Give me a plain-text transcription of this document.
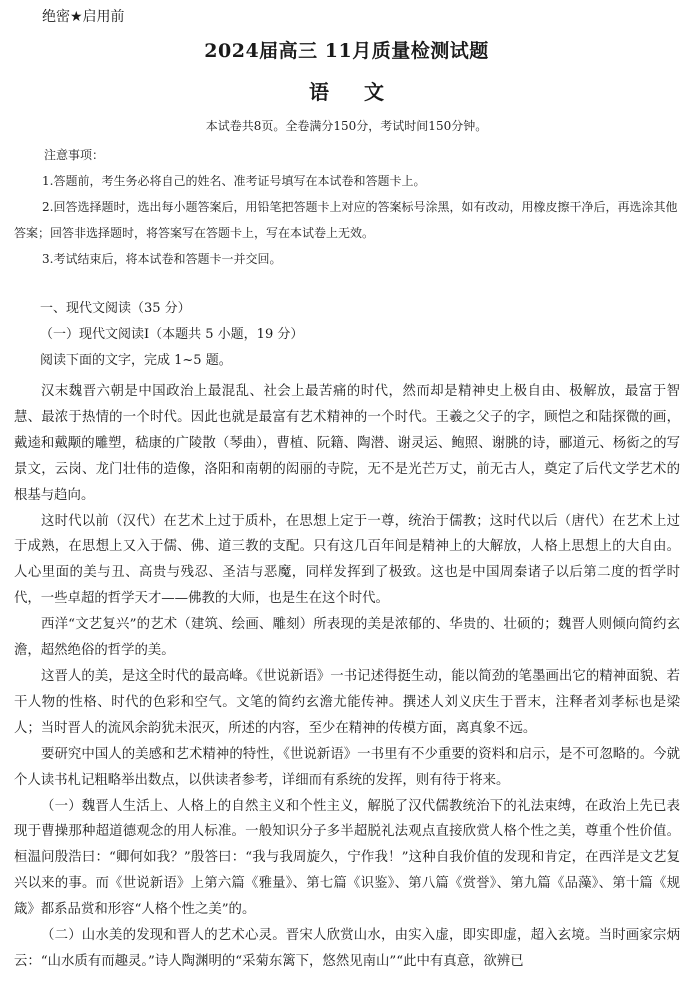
绝密★启用前
2024届高三 11月质量检测试题
语 文
本试卷共8页。全卷满分150分，考试时间150分钟。
注意事项：
1.答题前，考生务必将自己的姓名、准考证号填写在本试卷和答题卡上。
2.回答选择题时，选出每小题答案后，用铅笔把答题卡上对应的答案标号涂黑，如有改动，用橡皮擦干净后，再选涂其他答案；回答非选择题时，将答案写在答题卡上，写在本试卷上无效。
3.考试结束后，将本试卷和答题卡一并交回。
一、现代文阅读（35 分）
（一）现代文阅读Ⅰ（本题共 5 小题，19 分）
阅读下面的文字，完成 1~5 题。

汉末魏晋六朝是中国政治上最混乱、社会上最苦痛的时代，然而却是精神史上极自由、极解放，最富于智慧、最浓于热情的一个时代。因此也就是最富有艺术精神的一个时代。王羲之父子的字，顾恺之和陆探微的画，戴逵和戴颙的雕塑，嵇康的广陵散（琴曲），曹植、阮籍、陶潜、谢灵运、鲍照、谢朓的诗，郦道元、杨衒之的写景文，云岗、龙门壮伟的造像，洛阳和南朝的闳丽的寺院，无不是光芒万丈，前无古人，奠定了后代文学艺术的根基与趋向。

这时代以前（汉代）在艺术上过于质朴，在思想上定于一尊，统治于儒教；这时代以后（唐代）在艺术上过于成熟，在思想上又入于儒、佛、道三教的支配。只有这几百年间是精神上的大解放，人格上思想上的大自由。人心里面的美与丑、高贵与残忍、圣洁与恶魔，同样发挥到了极致。这也是中国周秦诸子以后第二度的哲学时代，一些卓超的哲学天才——佛教的大师，也是生在这个时代。

西洋“文艺复兴”的艺术（建筑、绘画、雕刻）所表现的美是浓郁的、华贵的、壮硕的；魏晋人则倾向简约玄澹，超然绝俗的哲学的美。

这晋人的美，是这全时代的最高峰。《世说新语》一书记述得挺生动，能以简劲的笔墨画出它的精神面貌、若干人物的性格、时代的色彩和空气。文笔的简约玄澹尤能传神。撰述人刘义庆生于晋末，注释者刘孝标也是梁人；当时晋人的流风余韵犹未泯灭，所述的内容，至少在精神的传模方面，离真象不远。

要研究中国人的美感和艺术精神的特性，《世说新语》一书里有不少重要的资料和启示，是不可忽略的。今就个人读书札记粗略举出数点，以供读者参考，详细而有系统的发挥，则有待于将来。

（一）魏晋人生活上、人格上的自然主义和个性主义，解脱了汉代儒教统治下的礼法束缚，在政治上先已表现于曹操那种超道德观念的用人标准。一般知识分子多半超脱礼法观点直接欣赏人格个性之美，尊重个性价值。桓温问殷浩曰：“卿何如我？”殷答曰：“我与我周旋久，宁作我！”这种自我价值的发现和肯定，在西洋是文艺复兴以来的事。而《世说新语》上第六篇《雅量》、第七篇《识鉴》、第八篇《赏誉》、第九篇《品藻》、第十篇《规箴》都系品赏和形容“人格个性之美”的。

（二）山水美的发现和晋人的艺术心灵。晋宋人欣赏山水，由实入虚，即实即虚，超入玄境。当时画家宗炳云：“山水质有而趣灵。”诗人陶渊明的“采菊东篱下，悠然见南山”“此中有真意，欲辨已
